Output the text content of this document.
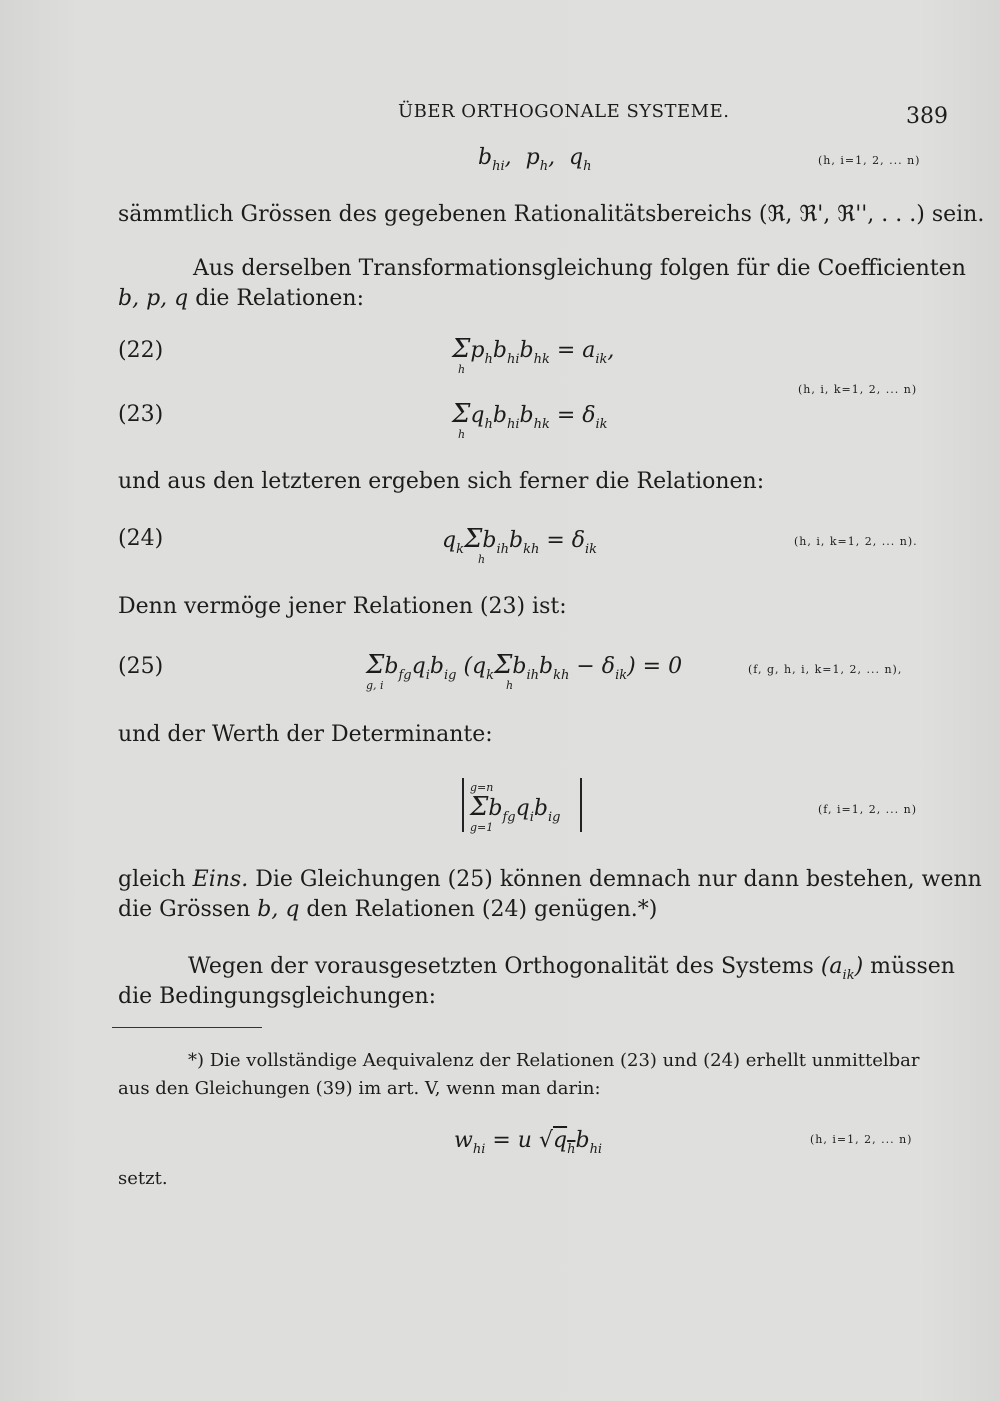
ÜBER ORTHOGONALE SYSTEME.	389
$b_{hi}$,  $p_h$,  $q_h$	(h, i=1, 2, ... n)
sämmtlich Grössen des gegebenen Rationalitätsbereichs (ℜ, ℜ', ℜ'', . . .) sein.
Aus derselben Transformationsgleichung folgen für die Coefficienten
b, p, q die Relationen:
(22)	$\Sigma p_hb_{hi}b_{hk} = a_{ik}$,
h
(23)	$\Sigma q_hb_{hi}b_{hk} = \delta_{ik}$
h
(h, i, k=1, 2, ... n)
und aus den letzteren ergeben sich ferner die Relationen:
(24)	$q_k\Sigma b_{ih}b_{kh} = \delta_{ik}$
h
(h, i, k=1, 2, ... n).
Denn vermöge jener Relationen (23) ist:
(25)	$\Sigma b_{fg}q_ib_{ig}$ $(q_k\Sigma b_{ih}b_{kh} - \delta_{ik}) = 0$
g, i	h
(f, g, h, i, k=1, 2, ... n),
und der Werth der Determinante:
$\Sigma b_{fg}q_ib_{ig}$
g=n
g=1
(f, i=1, 2, ... n)
gleich Eins. Die Gleichungen (25) können demnach nur dann bestehen, wenn
die Grössen b, q den Relationen (24) genügen.*)
Wegen der vorausgesetzten Orthogonalität des Systems $(a_{ik})$ müssen
die Bedingungsgleichungen:
*) Die vollständige Aequivalenz der Relationen (23) und (24) erhellt unmittelbar
aus den Gleichungen (39) im art. V, wenn man darin:
$w_{hi} = u$ $√q_hb_{hi}$
(h, i=1, 2, ... n)
setzt.
